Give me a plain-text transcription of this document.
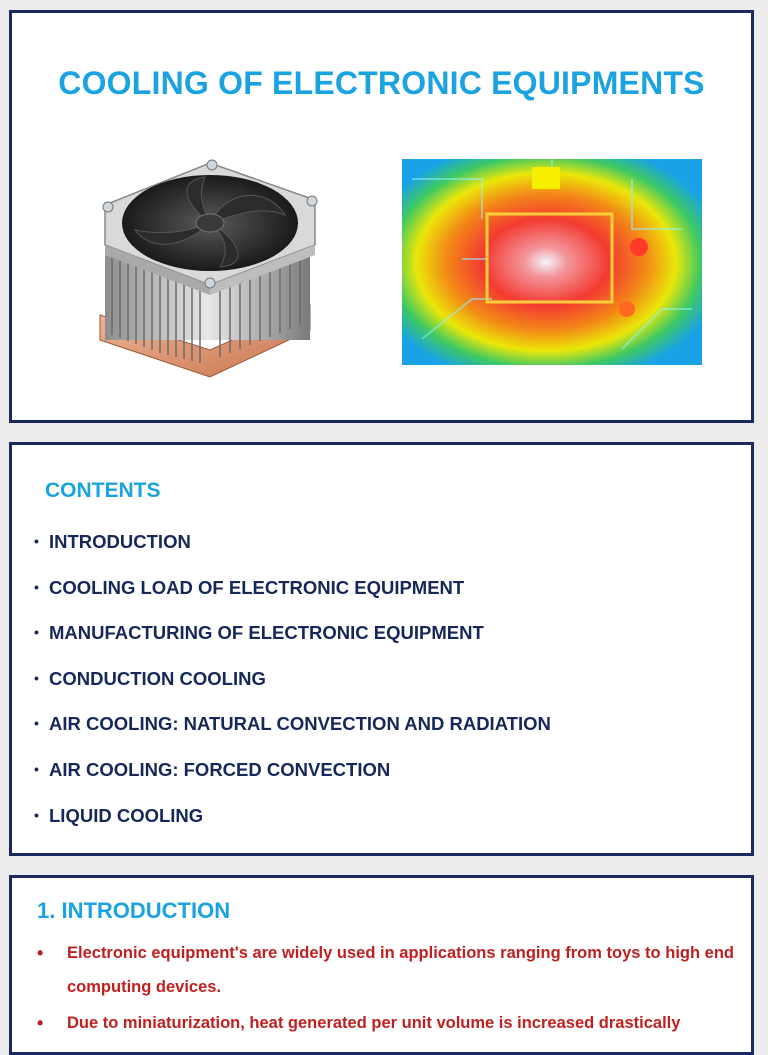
COOLING OF ELECTRONIC EQUIPMENTS
CONTENTS
• INTRODUCTION
• COOLING LOAD OF ELECTRONIC EQUIPMENT
• MANUFACTURING OF ELECTRONIC EQUIPMENT
• CONDUCTION COOLING
• AIR COOLING: NATURAL CONVECTION AND RADIATION
• AIR COOLING: FORCED CONVECTION
• LIQUID COOLING
1. INTRODUCTION
• Electronic equipment's are widely used in applications ranging from toys to high end computing devices.
• Due to miniaturization, heat generated per unit volume is increased drastically
